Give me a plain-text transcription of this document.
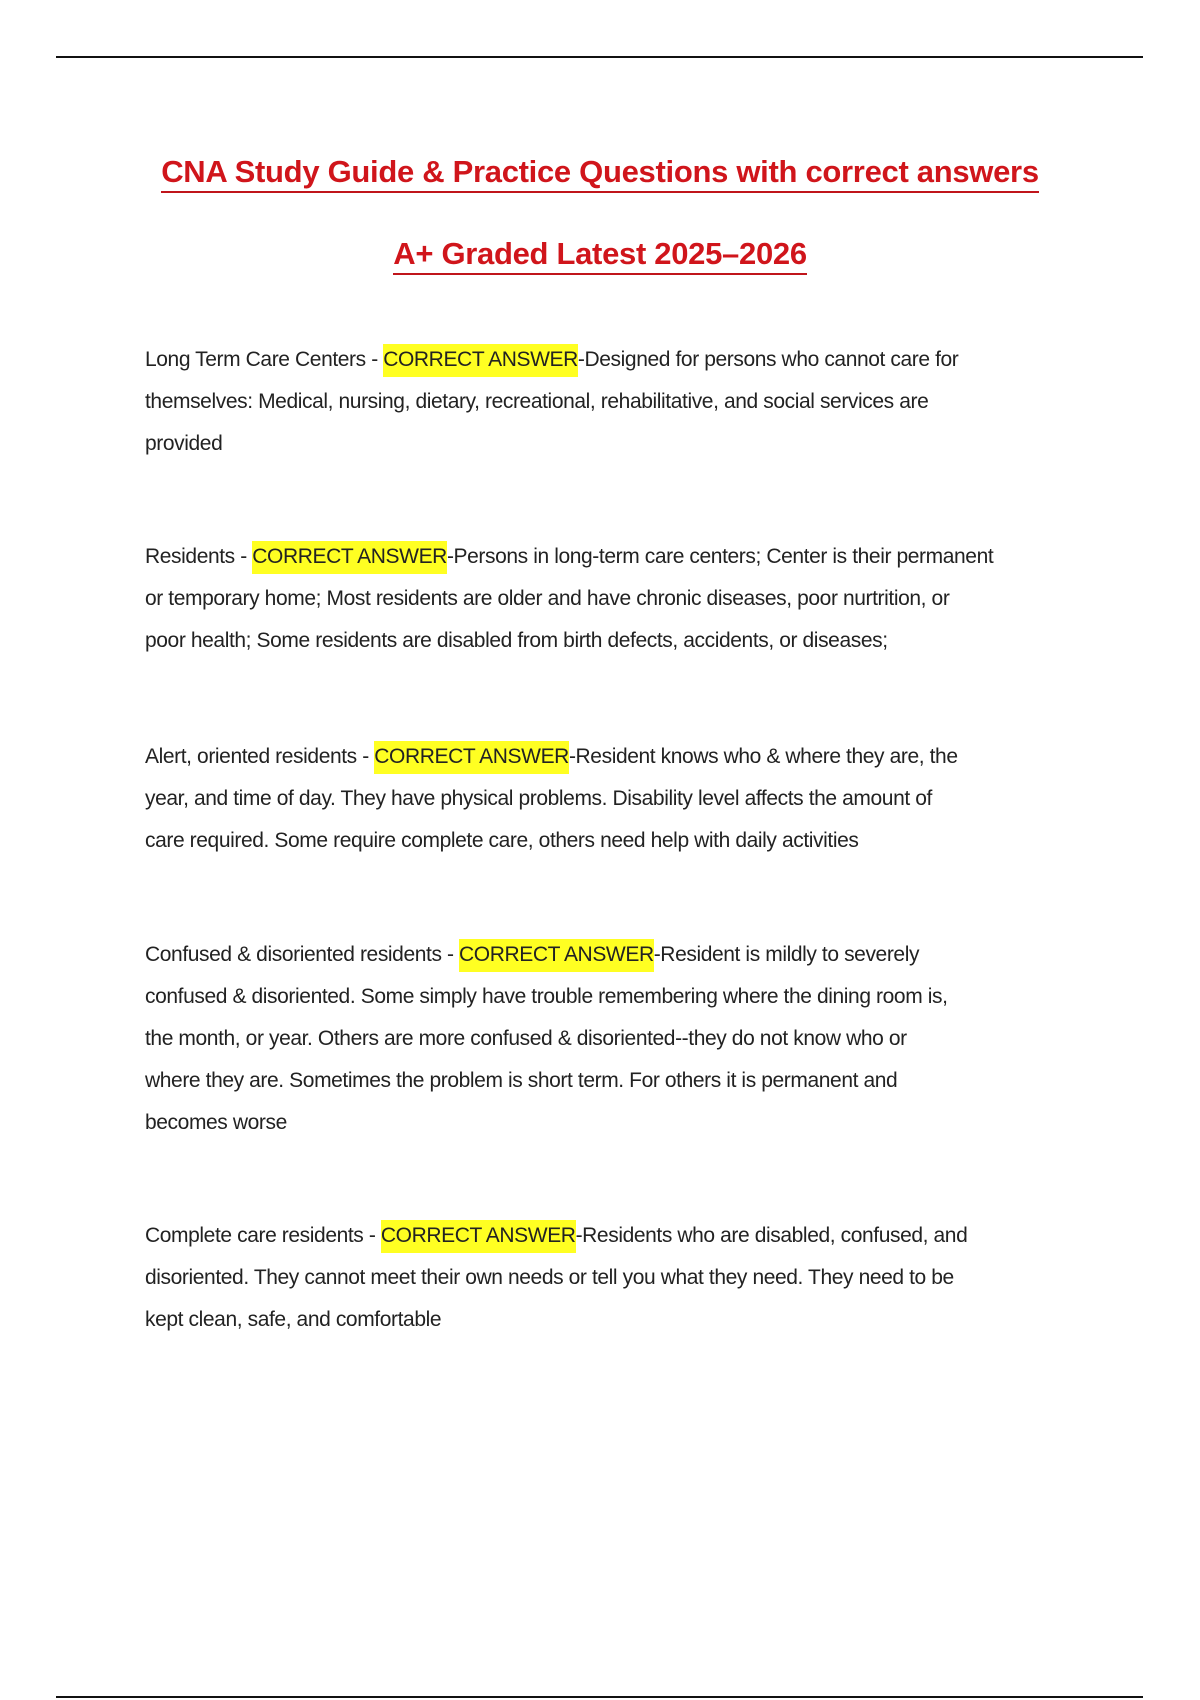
CNA Study Guide & Practice Questions with correct answers
A+ Graded Latest 2025–2026
Long Term Care Centers - CORRECT ANSWER-Designed for persons who cannot care for
themselves: Medical, nursing, dietary, recreational, rehabilitative, and social services are
provided
Residents - CORRECT ANSWER-Persons in long-term care centers; Center is their permanent
or temporary home; Most residents are older and have chronic diseases, poor nurtrition, or
poor health; Some residents are disabled from birth defects, accidents, or diseases;
Alert, oriented residents - CORRECT ANSWER-Resident knows who & where they are, the
year, and time of day. They have physical problems. Disability level affects the amount of
care required. Some require complete care, others need help with daily activities
Confused & disoriented residents - CORRECT ANSWER-Resident is mildly to severely
confused & disoriented. Some simply have trouble remembering where the dining room is,
the month, or year. Others are more confused & disoriented--they do not know who or
where they are. Sometimes the problem is short term. For others it is permanent and
becomes worse
Complete care residents - CORRECT ANSWER-Residents who are disabled, confused, and
disoriented. They cannot meet their own needs or tell you what they need. They need to be
kept clean, safe, and comfortable
